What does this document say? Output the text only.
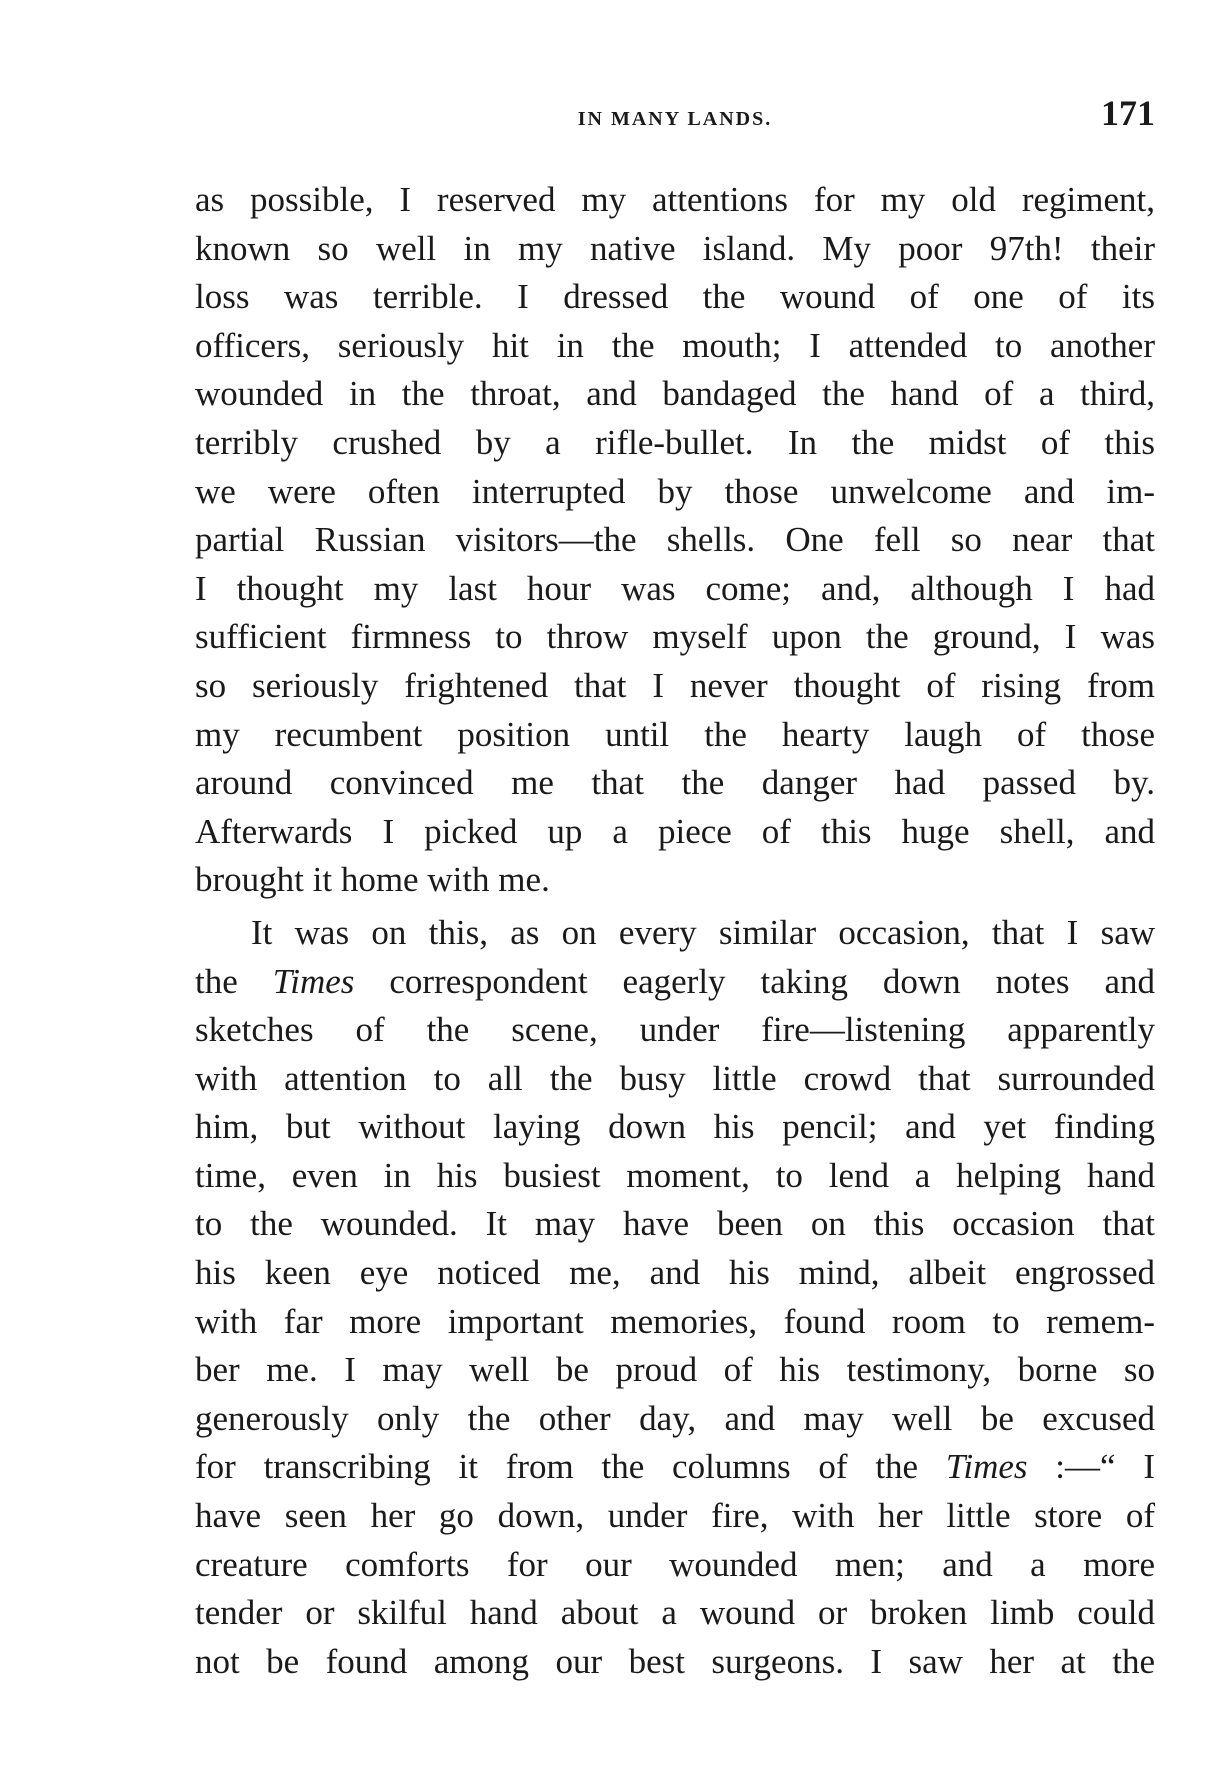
IN MANY LANDS.	171
as possible, I reserved my attentions for my old regiment,
known so well in my native island. My poor 97th! their
loss was terrible. I dressed the wound of one of its
officers, seriously hit in the mouth; I attended to another
wounded in the throat, and bandaged the hand of a third,
terribly crushed by a rifle-bullet. In the midst of this
we were often interrupted by those unwelcome and im-
partial Russian visitors—the shells. One fell so near that
I thought my last hour was come; and, although I had
sufficient firmness to throw myself upon the ground, I was
so seriously frightened that I never thought of rising from
my recumbent position until the hearty laugh of those
around convinced me that the danger had passed by.
Afterwards I picked up a piece of this huge shell, and
brought it home with me.
It was on this, as on every similar occasion, that I saw
the Times correspondent eagerly taking down notes and
sketches of the scene, under fire—listening apparently
with attention to all the busy little crowd that surrounded
him, but without laying down his pencil; and yet finding
time, even in his busiest moment, to lend a helping hand
to the wounded. It may have been on this occasion that
his keen eye noticed me, and his mind, albeit engrossed
with far more important memories, found room to remem-
ber me. I may well be proud of his testimony, borne so
generously only the other day, and may well be excused
for transcribing it from the columns of the Times :—“ I
have seen her go down, under fire, with her little store of
creature comforts for our wounded men; and a more
tender or skilful hand about a wound or broken limb could
not be found among our best surgeons. I saw her at the
